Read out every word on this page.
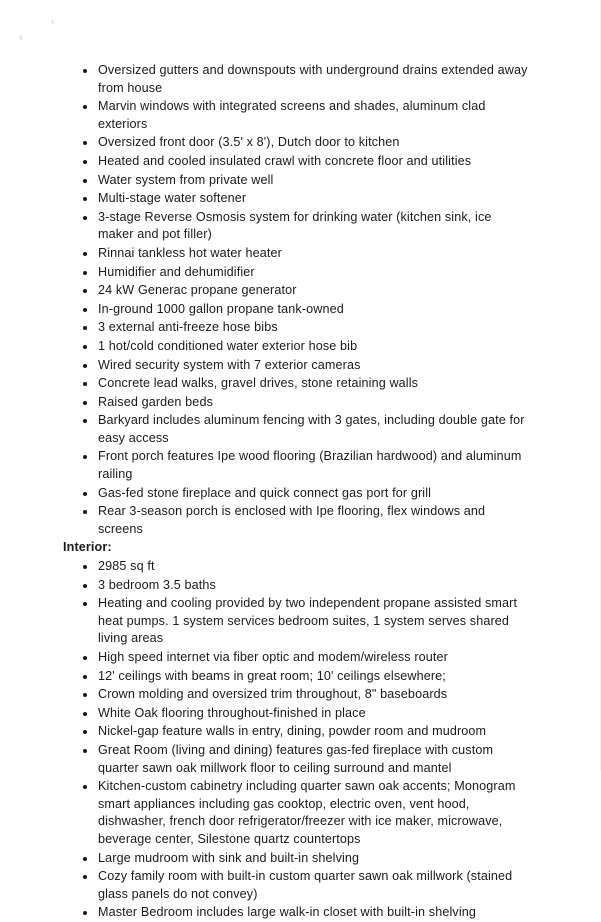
Oversized gutters and downspouts with underground drains extended away from house
Marvin windows with integrated screens and shades, aluminum clad exteriors
Oversized front door (3.5' x 8'), Dutch door to kitchen
Heated and cooled insulated crawl with concrete floor and utilities
Water system from private well
Multi-stage water softener
3-stage Reverse Osmosis system for drinking water (kitchen sink, ice maker and pot filler)
Rinnai tankless hot water heater
Humidifier and dehumidifier
24 kW Generac propane generator
In-ground 1000 gallon propane tank-owned
3 external anti-freeze hose bibs
1 hot/cold conditioned water exterior hose bib
Wired security system with 7 exterior cameras
Concrete lead walks, gravel drives, stone retaining walls
Raised garden beds
Barkyard includes aluminum fencing with 3 gates, including double gate for easy access
Front porch features Ipe wood flooring (Brazilian hardwood) and aluminum railing
Gas-fed stone fireplace and quick connect gas port for grill
Rear 3-season porch is enclosed with Ipe flooring, flex windows and screens

Interior:

2985 sq ft
3 bedroom 3.5 baths
Heating and cooling provided by two independent propane assisted smart heat pumps. 1 system services bedroom suites, 1 system serves shared living areas
High speed internet via fiber optic and modem/wireless router
12' ceilings with beams in great room; 10' ceilings elsewhere;
Crown molding and oversized trim throughout, 8" baseboards
White Oak flooring throughout-finished in place
Nickel-gap feature walls in entry, dining, powder room and mudroom
Great Room (living and dining) features gas-fed fireplace with custom quarter sawn oak millwork floor to ceiling surround and mantel
Kitchen-custom cabinetry including quarter sawn oak accents; Monogram smart appliances including gas cooktop, electric oven, vent hood, dishwasher, french door refrigerator/freezer with ice maker, microwave, beverage center, Silestone quartz countertops
Large mudroom with sink and built-in shelving
Cozy family room with built-in custom quarter sawn oak millwork (stained glass panels do not convey)
Master Bedroom includes large walk-in closet with built-in shelving
